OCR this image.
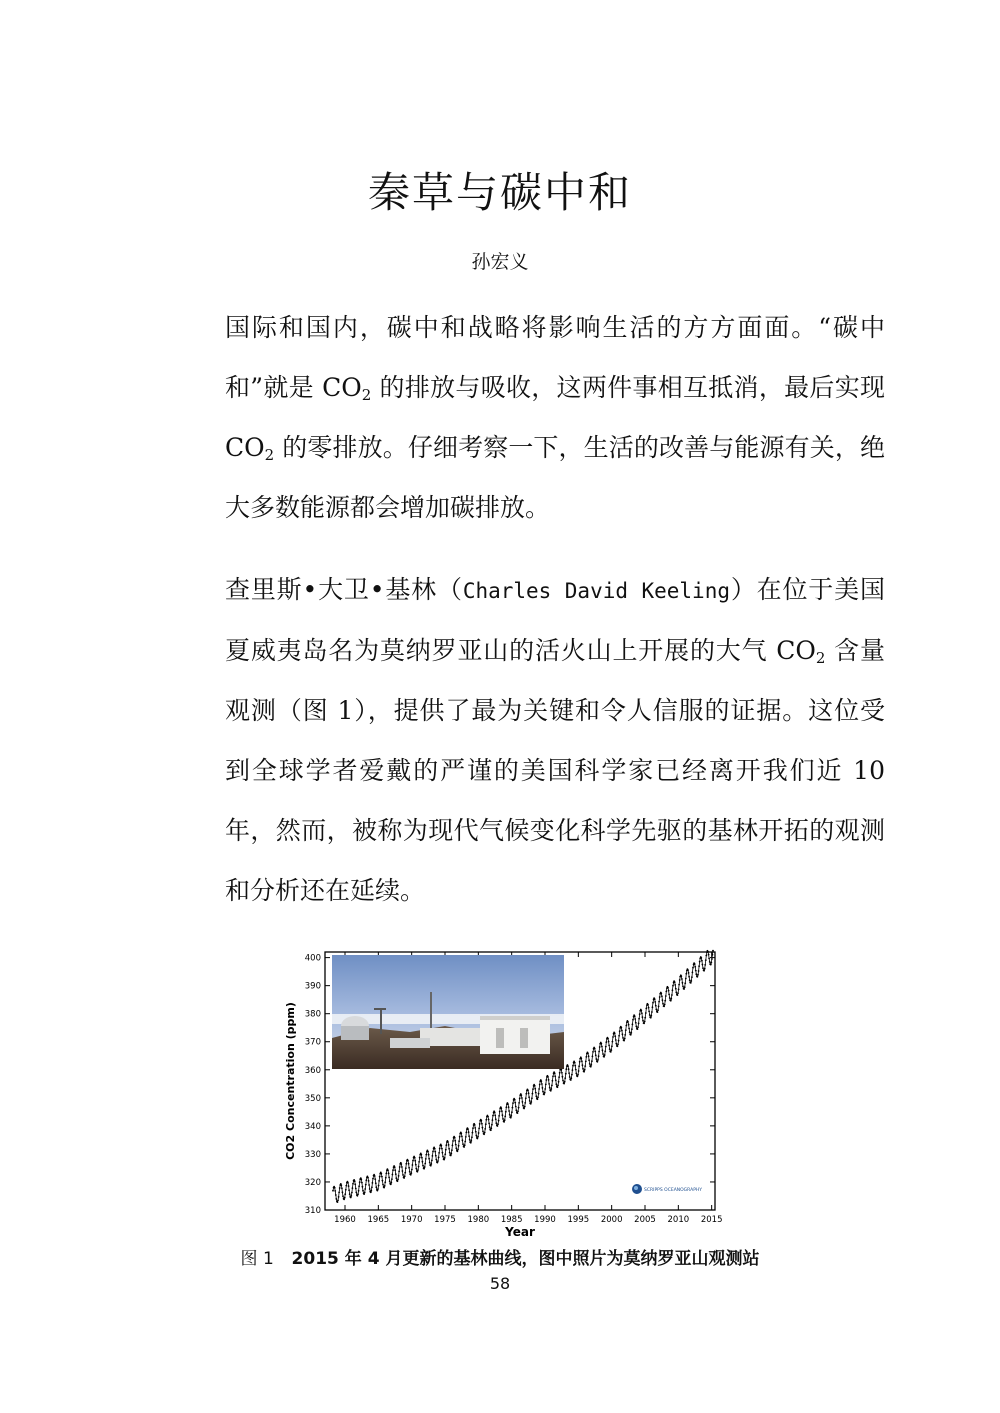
秦草与碳中和
孙宏义

国际和国内，碳中和战略将影响生活的方方面面。“碳中和”就是 $CO_2$ 的排放与吸收，这两件事相互抵消，最后实现 $CO_2$ 的零排放。仔细考察一下，生活的改善与能源有关，绝大多数能源都会增加碳排放。

查里斯•大卫•基林（Charles David Keeling）在位于美国夏威夷岛名为莫纳罗亚山的活火山上开展的大气 $CO_2$ 含量观测（图 1），提供了最为关键和令人信服的证据。这位受到全球学者爱戴的严谨的美国科学家已经离开我们近 10 年，然而，被称为现代气候变化科学先驱的基林开拓的观测和分析还在延续。

1960 1965 1970 1975 1980 1985 1990 1995 2000 2005 2010 2015
310
320
330
340
350
360
370
380
390
400
CO2 Concentration (ppm)
Year
SCRIPPS OCEANOGRAPHY
图 1 2015 年 4 月更新的基林曲线，图中照片为莫纳罗亚山观测站
58
